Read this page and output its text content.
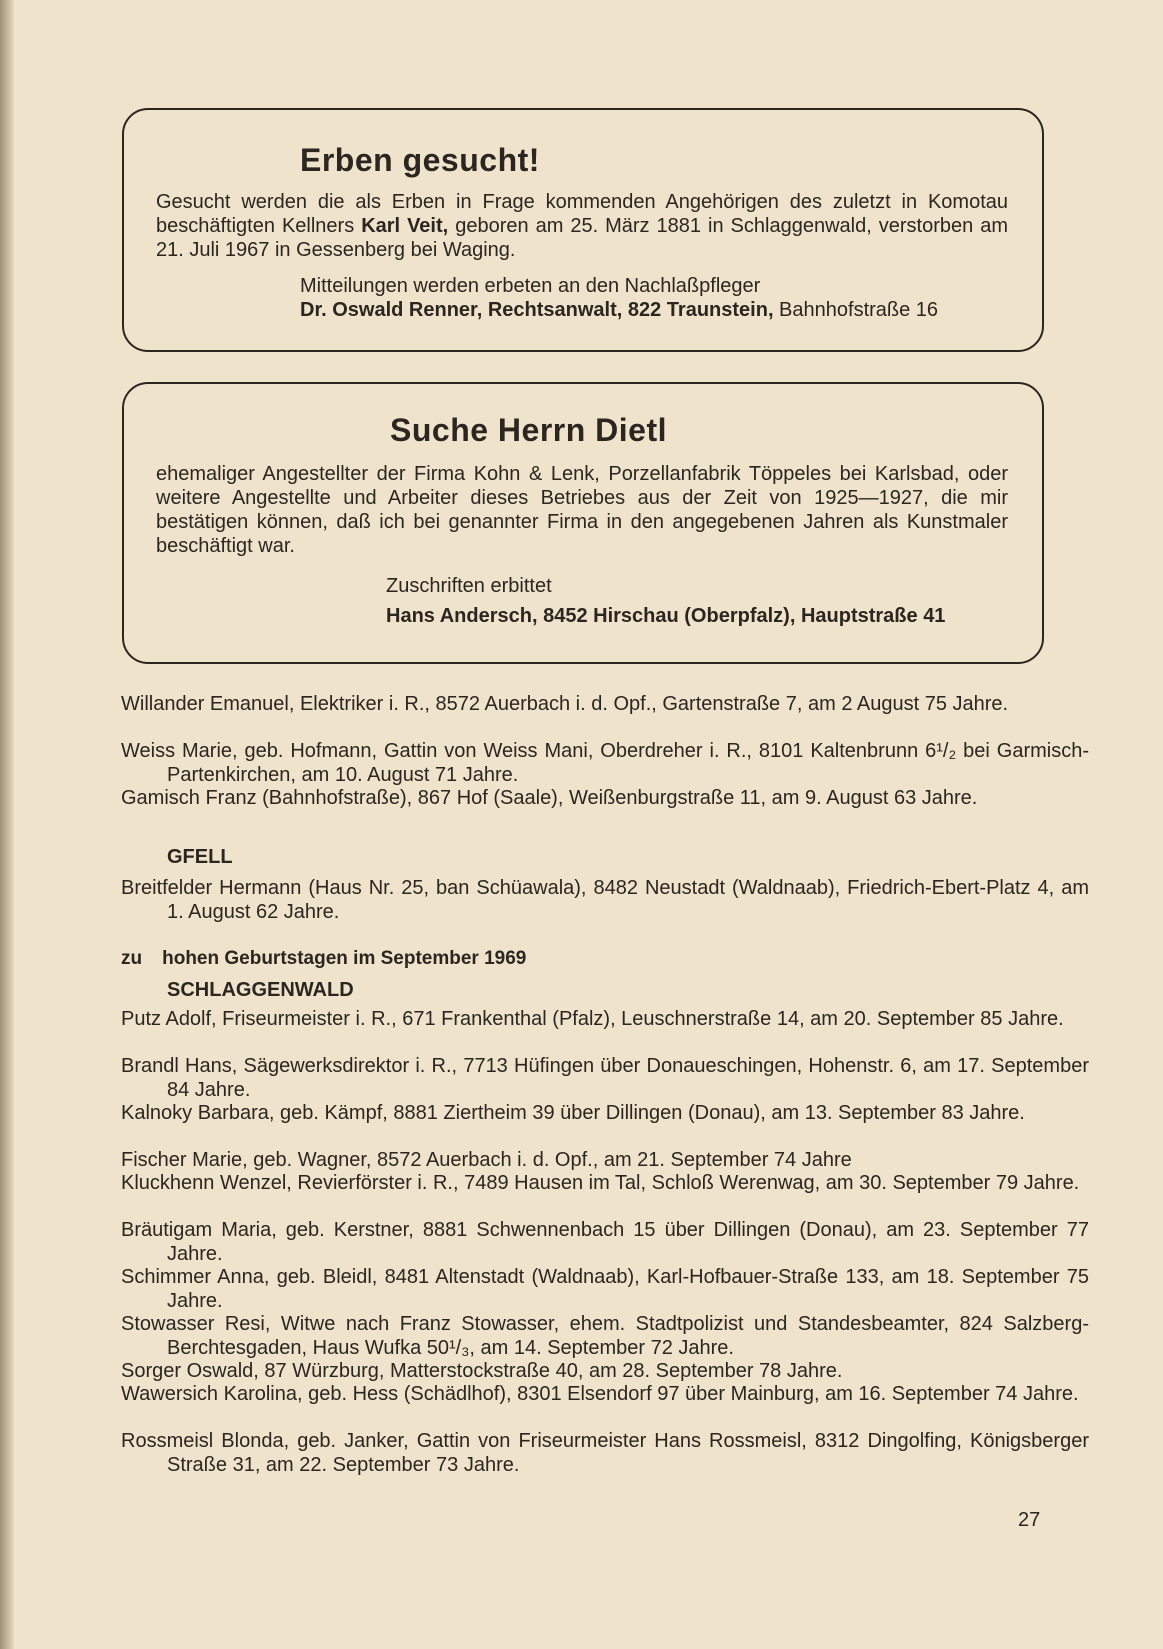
Erben gesucht!
Gesucht werden die als Erben in Frage kommenden Angehörigen des zuletzt in Komotau beschäftigten Kellners Karl Veit, geboren am 25. März 1881 in Schlaggenwald, verstorben am 21. Juli 1967 in Gessenberg bei Waging.
Mitteilungen werden erbeten an den Nachlaßpfleger
Dr. Oswald Renner, Rechtsanwalt, 822 Traunstein, Bahnhofstraße 16
Suche Herrn Dietl
ehemaliger Angestellter der Firma Kohn & Lenk, Porzellanfabrik Töppeles bei Karlsbad, oder weitere Angestellte und Arbeiter dieses Betriebes aus der Zeit von 1925—1927, die mir bestätigen können, daß ich bei genannter Firma in den angegebenen Jahren als Kunstmaler beschäftigt war.
Zuschriften erbittet
Hans Andersch, 8452 Hirschau (Oberpfalz), Hauptstraße 41
Willander Emanuel, Elektriker i. R., 8572 Auerbach i. d. Opf., Gartenstraße 7, am 2 August 75 Jahre.
Weiss Marie, geb. Hofmann, Gattin von Weiss Mani, Oberdreher i. R., 8101 Kaltenbrunn 6¹/₂ bei Garmisch-Partenkirchen, am 10. August 71 Jahre.
Gamisch Franz (Bahnhofstraße), 867 Hof (Saale), Weißenburgstraße 11, am 9. August 63 Jahre.
GFELL
Breitfelder Hermann (Haus Nr. 25, ban Schüawala), 8482 Neustadt (Waldnaab), Friedrich-Ebert-Platz 4, am 1. August 62 Jahre.
zu hohen Geburtstagen im September 1969
SCHLAGGENWALD
Putz Adolf, Friseurmeister i. R., 671 Frankenthal (Pfalz), Leuschnerstraße 14, am 20. September 85 Jahre.
Brandl Hans, Sägewerksdirektor i. R., 7713 Hüfingen über Donaueschingen, Hohenstr. 6, am 17. September 84 Jahre.
Kalnoky Barbara, geb. Kämpf, 8881 Ziertheim 39 über Dillingen (Donau), am 13. September 83 Jahre.
Fischer Marie, geb. Wagner, 8572 Auerbach i. d. Opf., am 21. September 74 Jahre
Kluckhenn Wenzel, Revierförster i. R., 7489 Hausen im Tal, Schloß Werenwag, am 30. September 79 Jahre.
Bräutigam Maria, geb. Kerstner, 8881 Schwennenbach 15 über Dillingen (Donau), am 23. September 77 Jahre.
Schimmer Anna, geb. Bleidl, 8481 Altenstadt (Waldnaab), Karl-Hofbauer-Straße 133, am 18. September 75 Jahre.
Stowasser Resi, Witwe nach Franz Stowasser, ehem. Stadtpolizist und Standesbeamter, 824 Salzberg-Berchtesgaden, Haus Wufka 50¹/₃, am 14. September 72 Jahre.
Sorger Oswald, 87 Würzburg, Matterstockstraße 40, am 28. September 78 Jahre.
Wawersich Karolina, geb. Hess (Schädlhof), 8301 Elsendorf 97 über Mainburg, am 16. September 74 Jahre.
Rossmeisl Blonda, geb. Janker, Gattin von Friseurmeister Hans Rossmeisl, 8312 Dingolfing, Königsberger Straße 31, am 22. September 73 Jahre.
27
